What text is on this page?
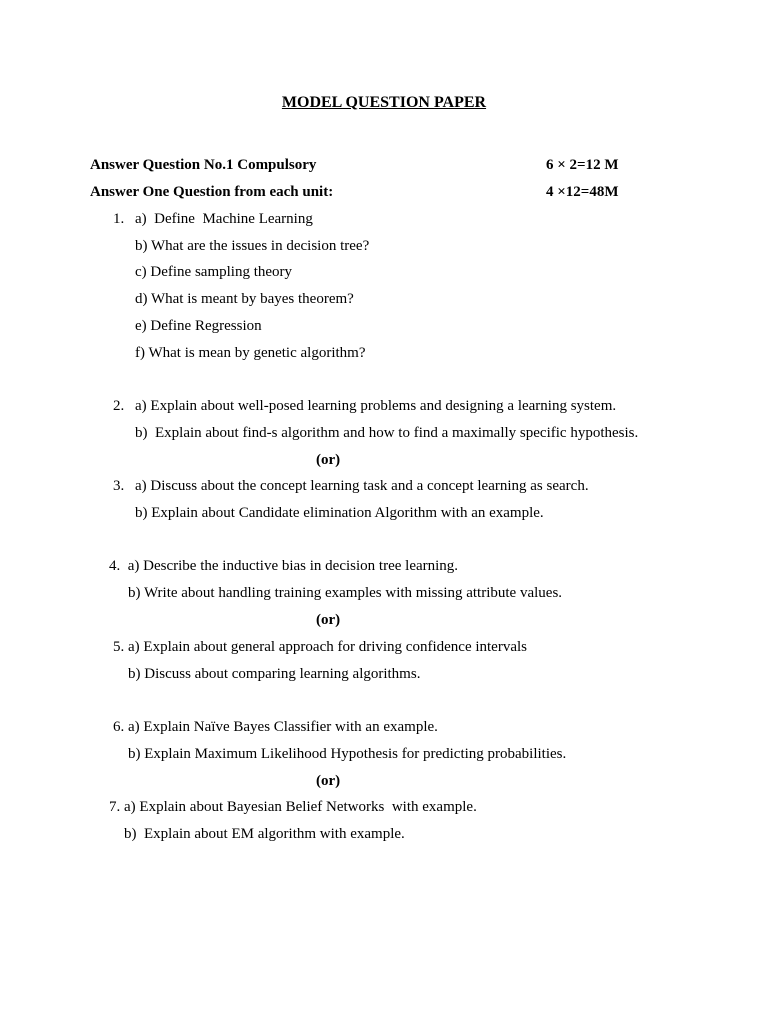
MODEL QUESTION PAPER
Answer Question No.1 Compulsory	6 × 2=12 M
Answer One Question from each unit:	4 ×12=48M
1. a)  Define  Machine Learning
b) What are the issues in decision tree?
c) Define sampling theory
d) What is meant by bayes theorem?
e) Define Regression
f) What is mean by genetic algorithm?
2. a) Explain about well-posed learning problems and designing a learning system.
b)  Explain about find-s algorithm and how to find a maximally specific hypothesis.
(or)
3. a) Discuss about the concept learning task and a concept learning as search.
b) Explain about Candidate elimination Algorithm with an example.
4.  a) Describe the inductive bias in decision tree learning.
b) Write about handling training examples with missing attribute values.
(or)
5. a) Explain about general approach for driving confidence intervals
b) Discuss about comparing learning algorithms.
6. a) Explain Naïve Bayes Classifier with an example.
b) Explain Maximum Likelihood Hypothesis for predicting probabilities.
(or)
7. a) Explain about Bayesian Belief Networks  with example.
b)  Explain about EM algorithm with example.
